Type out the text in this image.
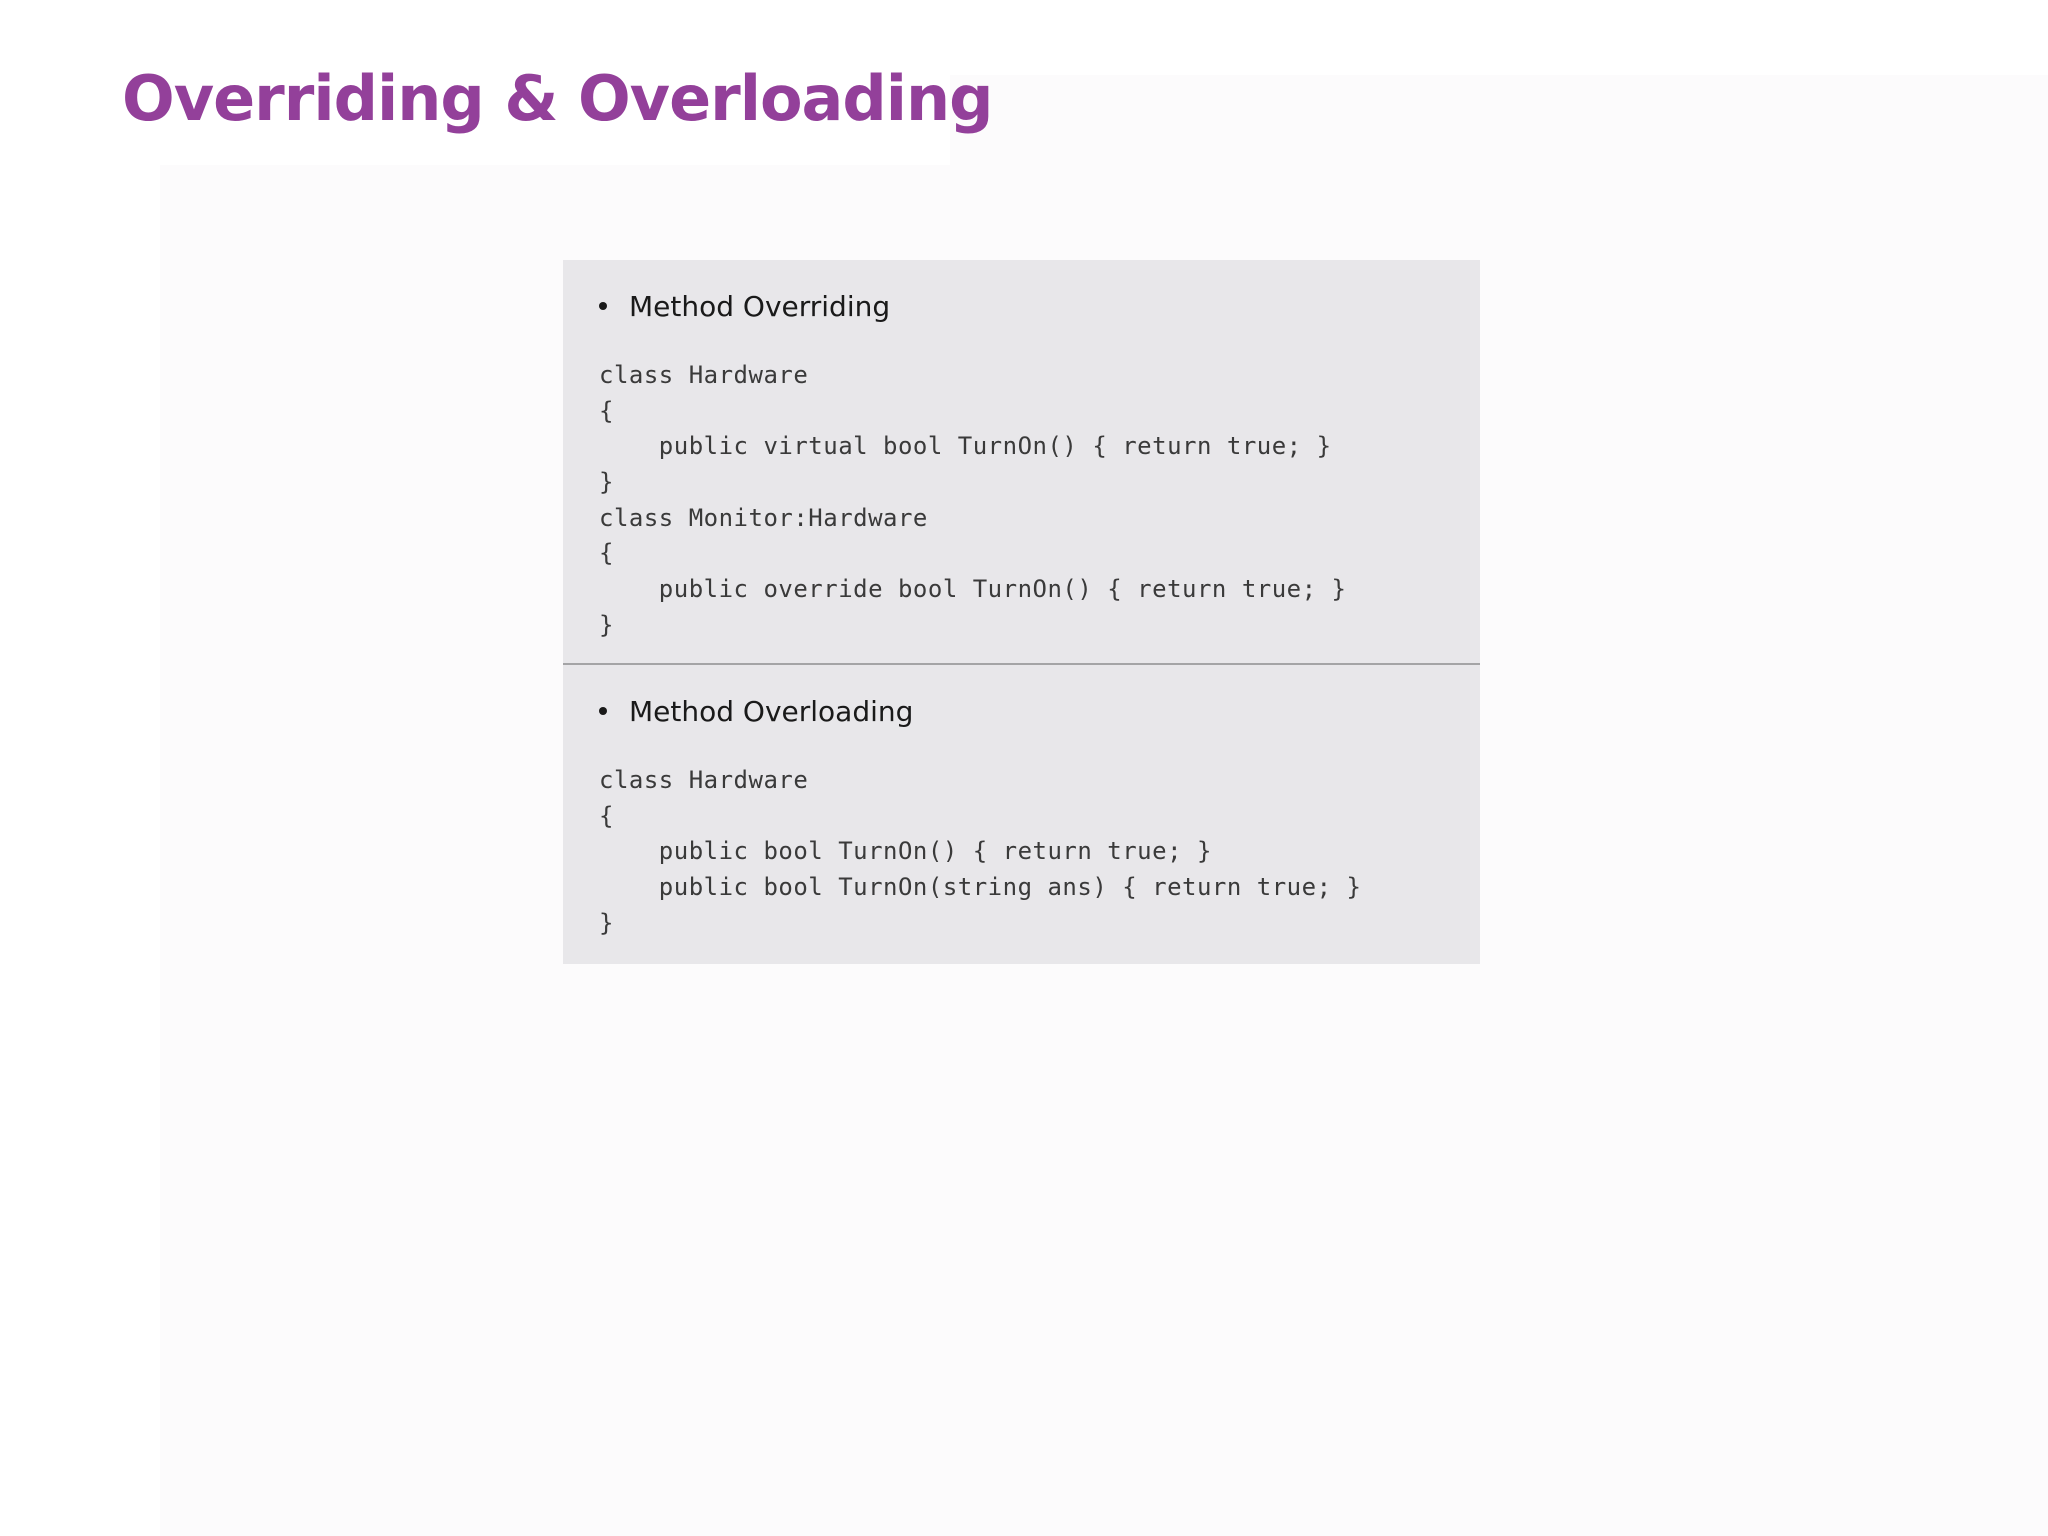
Overriding & Overloading
Method Overriding
class Hardware
{
public virtual bool TurnOn() { return true; }
}
class Monitor:Hardware
{
public override bool TurnOn() { return true; }
}
Method Overloading
class Hardware
{
public bool TurnOn() { return true; }
public bool TurnOn(string ans) { return true; }
}
